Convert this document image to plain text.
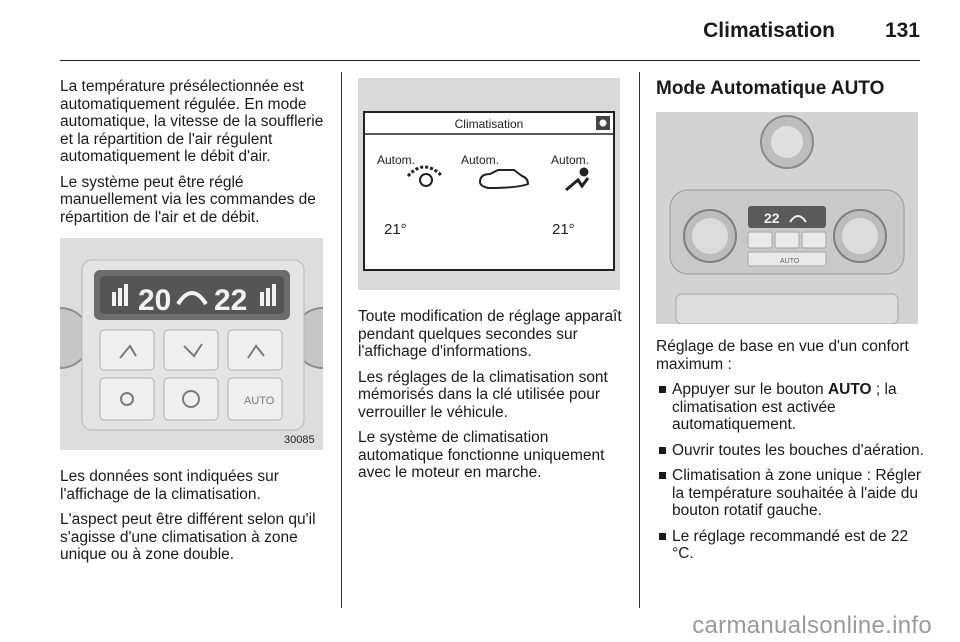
Climatisation 131

La température présélectionnée est automatiquement régulée. En mode automatique, la vitesse de la soufflerie et la répartition de l'air régulent automatiquement le débit d'air.

Le système peut être réglé manuellement via les commandes de répartition de l'air et de débit.

20 22
AUTO
30085

Les données sont indiquées sur l'affichage de la climatisation.

L'aspect peut être différent selon qu'il s'agisse d'une climatisation à zone unique ou à zone double.

Climatisation
Autom.	Autom.	Autom.
21°	21°

Toute modification de réglage apparaît pendant quelques secondes sur l'affichage d'informations.

Les réglages de la climatisation sont mémorisés dans la clé utilisée pour verrouiller le véhicule.

Le système de climatisation automatique fonctionne uniquement avec le moteur en marche.

Mode Automatique AUTO
22
AUTO

Réglage de base en vue d'un confort maximum :

Appuyer sur le bouton AUTO ; la climatisation est activée automatiquement.
Ouvrir toutes les bouches d'aération.
Climatisation à zone unique : Régler la température souhaitée à l'aide du bouton rotatif gauche.
Le réglage recommandé est de 22 °C.
carmanualsonline.info
